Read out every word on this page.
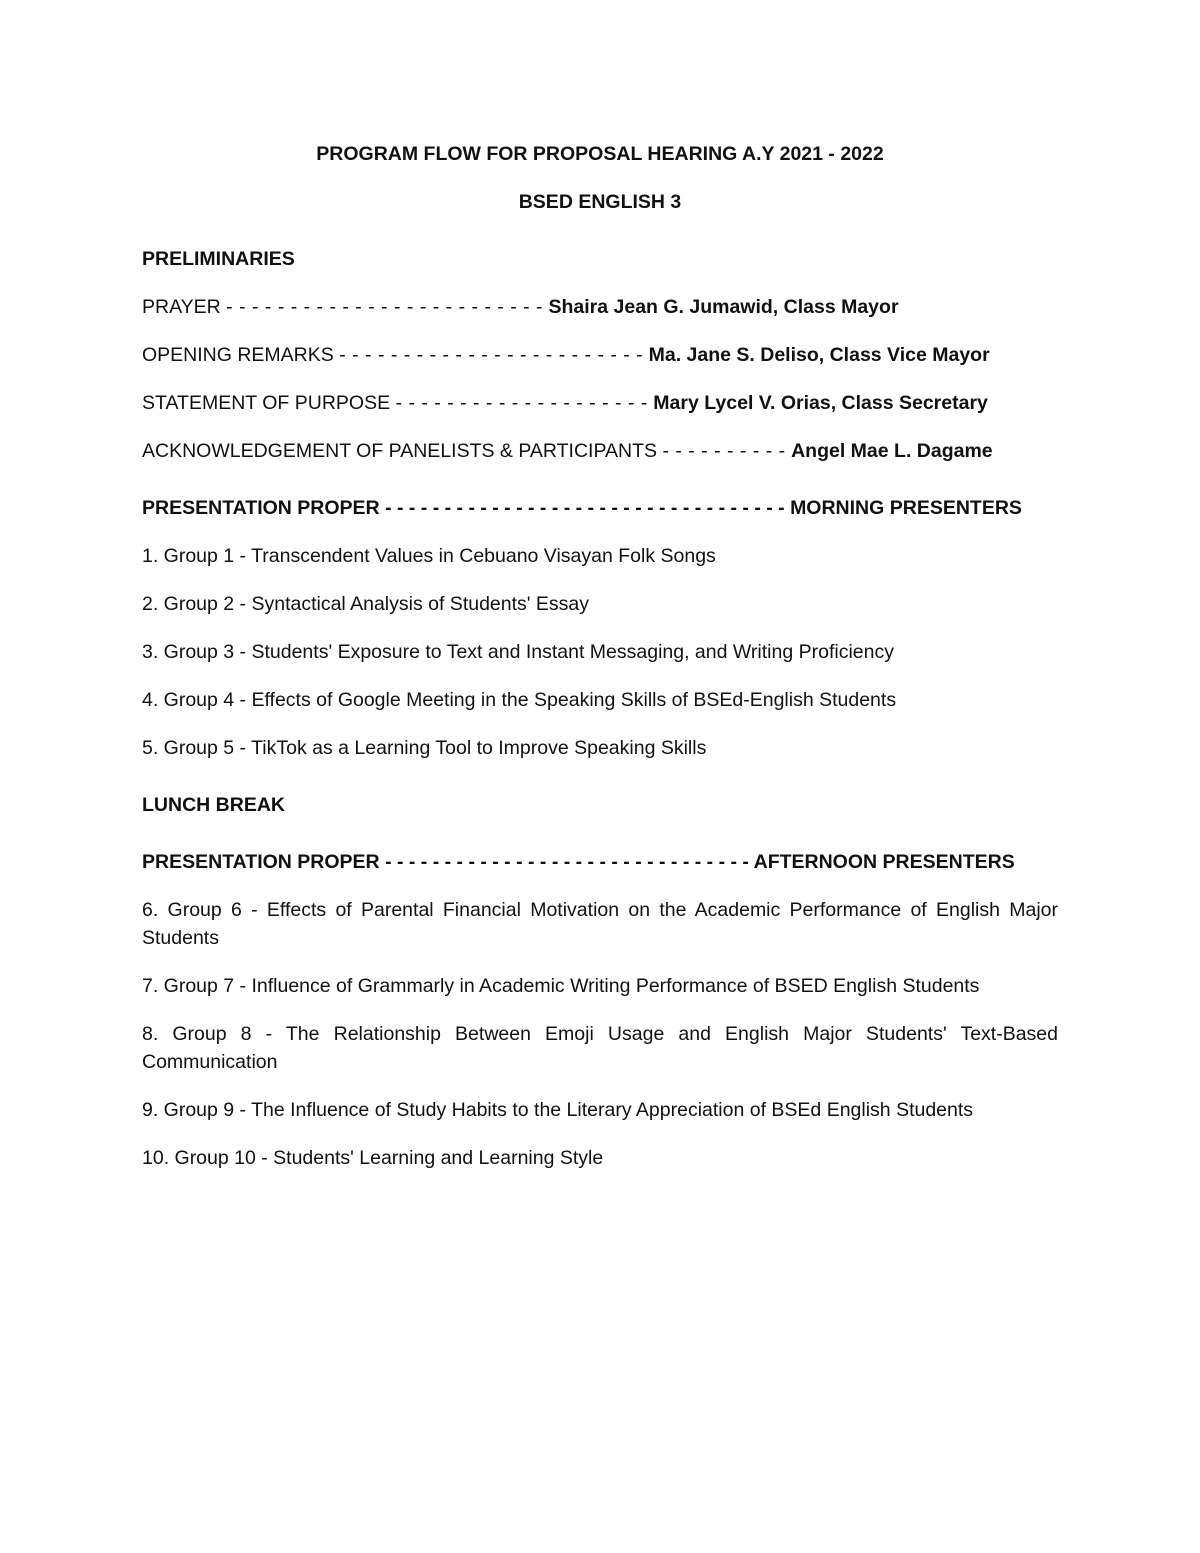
PROGRAM FLOW FOR PROPOSAL HEARING A.Y 2021 - 2022

BSED ENGLISH 3

PRELIMINARIES

PRAYER - - - - - - - - - - - - - - - - - - - - - - - - - Shaira Jean G. Jumawid, Class Mayor

OPENING REMARKS - - - - - - - - - - - - - - - - - - - - - - - - Ma. Jane S. Deliso, Class Vice Mayor

STATEMENT OF PURPOSE - - - - - - - - - - - - - - - - - - - - Mary Lycel V. Orias, Class Secretary

ACKNOWLEDGEMENT OF PANELISTS & PARTICIPANTS - - - - - - - - - - Angel Mae L. Dagame

PRESENTATION PROPER - - - - - - - - - - - - - - - - - - - - - - - - - - - - - - - - - - MORNING PRESENTERS

1. Group 1 - Transcendent Values in Cebuano Visayan Folk Songs

2. Group 2 - Syntactical Analysis of Students' Essay

3. Group 3 - Students' Exposure to Text and Instant Messaging, and Writing Proficiency

4. Group 4 - Effects of Google Meeting in the Speaking Skills of BSEd-English Students

5. Group 5 - TikTok as a Learning Tool to Improve Speaking Skills

LUNCH BREAK

PRESENTATION PROPER - - - - - - - - - - - - - - - - - - - - - - - - - - - - - - - AFTERNOON PRESENTERS

6. Group 6 - Effects of Parental Financial Motivation on the Academic Performance of English Major Students

7. Group 7 - Influence of Grammarly in Academic Writing Performance of BSED English Students

8. Group 8 - The Relationship Between Emoji Usage and English Major Students' Text-Based Communication

9. Group 9 - The Influence of Study Habits to the Literary Appreciation of BSEd English Students

10. Group 10 - Students' Learning and Learning Style
